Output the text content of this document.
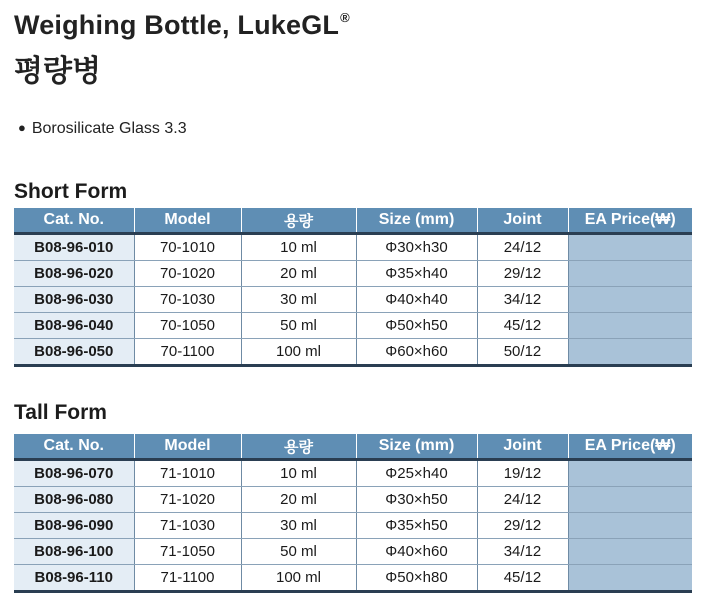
Weighing Bottle, LukeGL®
평량병
● Borosilicate Glass 3.3
Short Form
Cat. No.	Model	용량	Size (mm)	Joint	EA Price(₩)
B08-96-010	70-1010	10 ml	Φ30×h30	24/12	
B08-96-020	70-1020	20 ml	Φ35×h40	29/12	
B08-96-030	70-1030	30 ml	Φ40×h40	34/12	
B08-96-040	70-1050	50 ml	Φ50×h50	45/12	
B08-96-050	70-1100	100 ml	Φ60×h60	50/12	
Tall Form
Cat. No.	Model	용량	Size (mm)	Joint	EA Price(₩)
B08-96-070	71-1010	10 ml	Φ25×h40	19/12	
B08-96-080	71-1020	20 ml	Φ30×h50	24/12	
B08-96-090	71-1030	30 ml	Φ35×h50	29/12	
B08-96-100	71-1050	50 ml	Φ40×h60	34/12	
B08-96-110	71-1100	100 ml	Φ50×h80	45/12	
